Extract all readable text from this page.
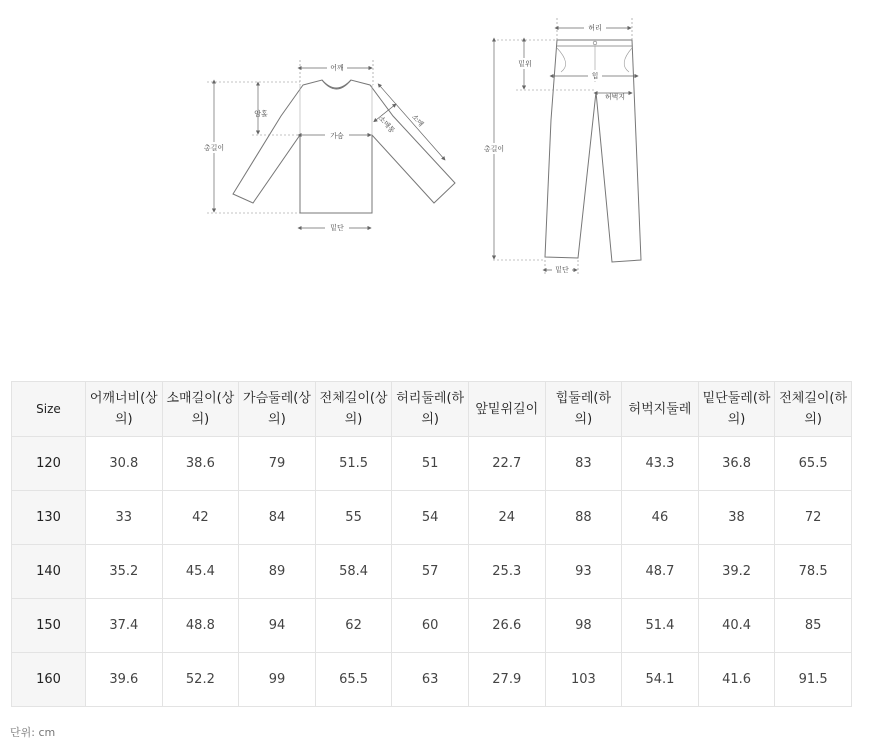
어깨
암홀
총길이
가슴
소매통 소매
밑단
허리
밑위
힙
허벅지
총길이
밑단
Size	어깨너비(상의)	소매길이(상의)	가슴둘레(상의)	전체길이(상의)	허리둘레(하의)	앞밑위길이	힙둘레(하의)	허벅지둘레	밑단둘레(하의)	전체길이(하의)
120	30.8	38.6	79	51.5	51	22.7	83	43.3	36.8	65.5
130	33	42	84	55	54	24	88	46	38	72
140	35.2	45.4	89	58.4	57	25.3	93	48.7	39.2	78.5
150	37.4	48.8	94	62	60	26.6	98	51.4	40.4	85
160	39.6	52.2	99	65.5	63	27.9	103	54.1	41.6	91.5
단위: cm
